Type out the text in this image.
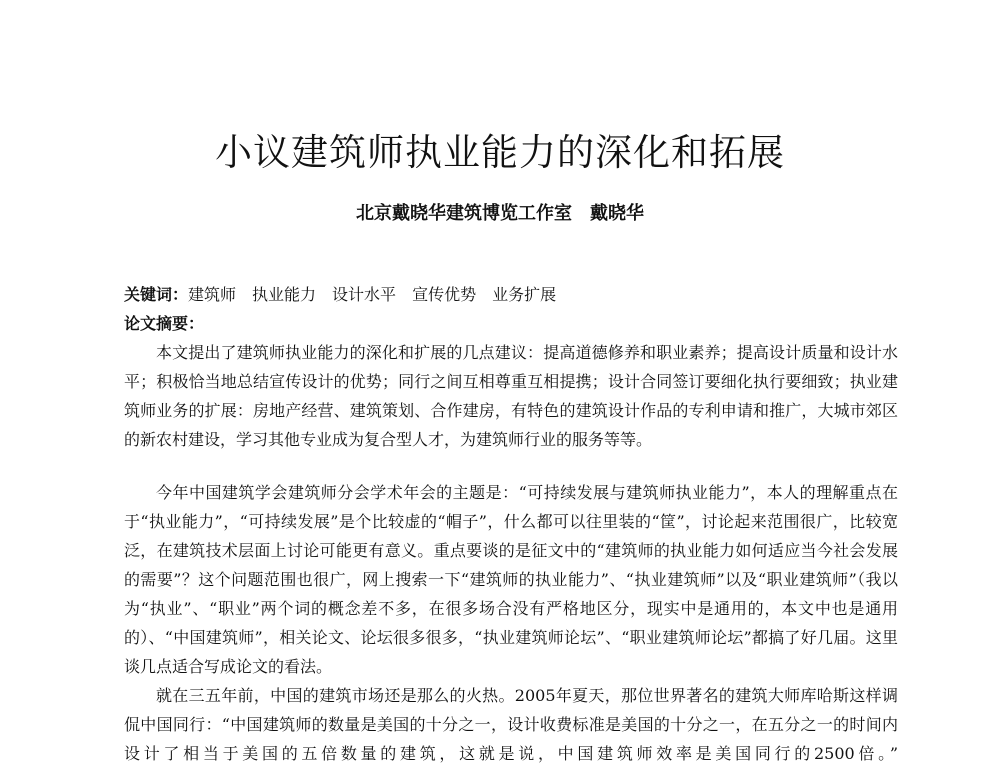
小议建筑师执业能力的深化和拓展
北京戴晓华建筑博览工作室 戴晓华
关键词：建筑师 执业能力 设计水平 宣传优势 业务扩展
论文摘要：

本文提出了建筑师执业能力的深化和扩展的几点建议：提高道德修养和职业素养；提高设计质量和设计水平；积极恰当地总结宣传设计的优势；同行之间互相尊重互相提携；设计合同签订要细化执行要细致；执业建筑师业务的扩展：房地产经营、建筑策划、合作建房，有特色的建筑设计作品的专利申请和推广，大城市郊区的新农村建设，学习其他专业成为复合型人才，为建筑师行业的服务等等。

今年中国建筑学会建筑师分会学术年会的主题是：“可持续发展与建筑师执业能力”，本人的理解重点在于“执业能力”，“可持续发展”是个比较虚的“帽子”，什么都可以往里装的“筐”，讨论起来范围很广，比较宽泛，在建筑技术层面上讨论可能更有意义。重点要谈的是征文中的“建筑师的执业能力如何适应当今社会发展的需要”？这个问题范围也很广，网上搜索一下“建筑师的执业能力”、“执业建筑师”以及“职业建筑师”（我以为“执业”、“职业”两个词的概念差不多，在很多场合没有严格地区分，现实中是通用的，本文中也是通用的）、“中国建筑师”，相关论文、论坛很多很多，“执业建筑师论坛”、“职业建筑师论坛”都搞了好几届。这里谈几点适合写成论文的看法。

就在三五年前，中国的建筑市场还是那么的火热。2005年夏天，那位世界著名的建筑大师库哈斯这样调侃中国同行：“中国建筑师的数量是美国的十分之一，设计收费标准是美国的十分之一，在五分之一的时间内设计了相当于美国的五倍数量的建筑，这就是说，中国建筑师效率是美国同行的2500倍。”
